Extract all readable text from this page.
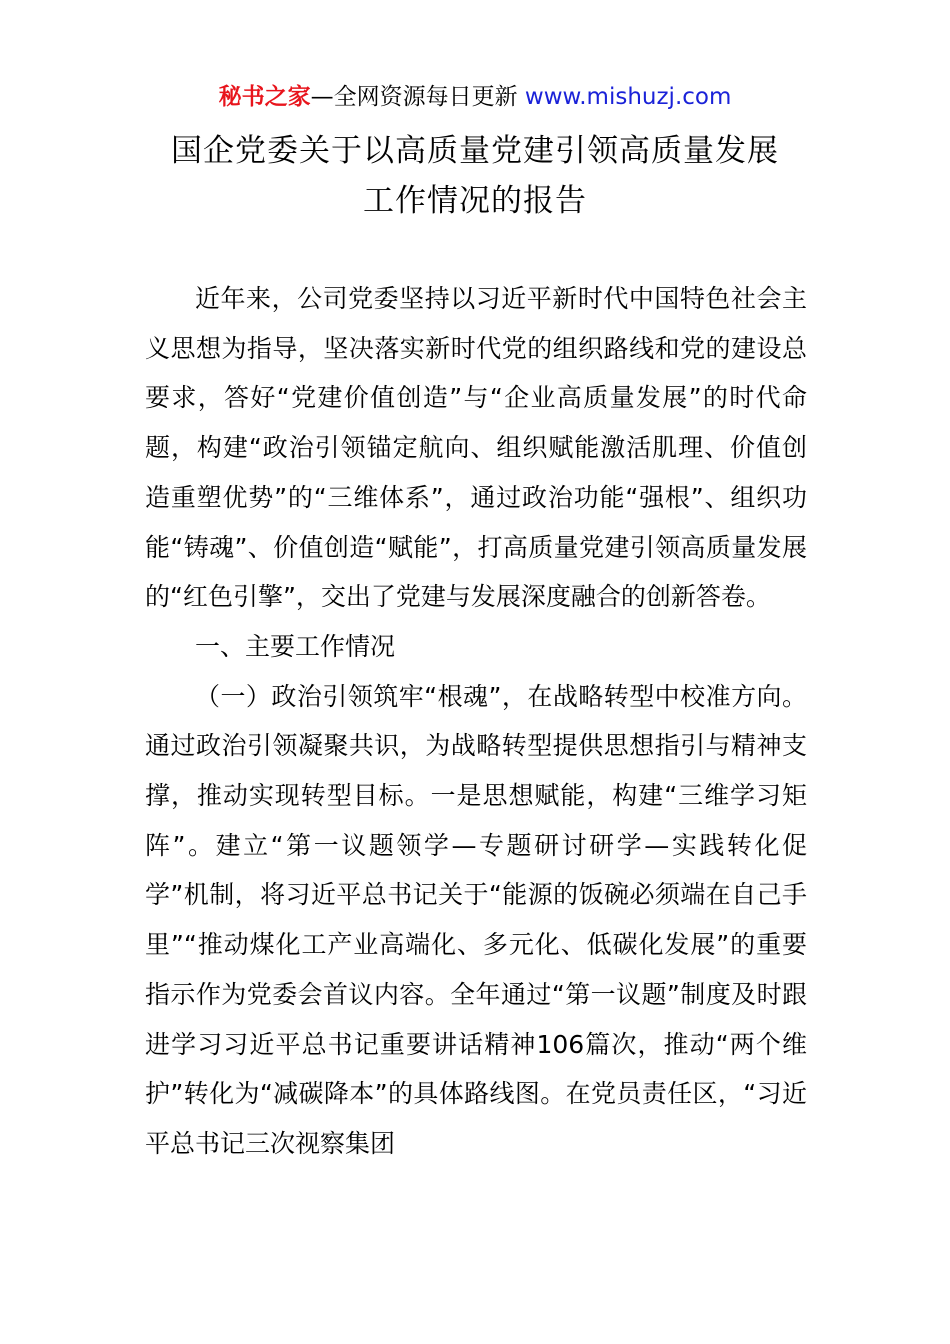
秘书之家—全网资源每日更新 www.mishuzj.com
国企党委关于以高质量党建引领高质量发展
工作情况的报告

近年来，公司党委坚持以习近平新时代中国特色社会主义思想为指导，坚决落实新时代党的组织路线和党的建设总要求，答好“党建价值创造”与“企业高质量发展”的时代命题，构建“政治引领锚定航向、组织赋能激活肌理、价值创造重塑优势”的“三维体系”，通过政治功能“强根”、组织功能“铸魂”、价值创造“赋能”，打高质量党建引领高质量发展的“红色引擎”，交出了党建与发展深度融合的创新答卷。

一、主要工作情况

（一）政治引领筑牢“根魂”，在战略转型中校准方向。通过政治引领凝聚共识，为战略转型提供思想指引与精神支撑，推动实现转型目标。一是思想赋能，构建“三维学习矩阵”。建立“第一议题领学—专题研讨研学—实践转化促学”机制，将习近平总书记关于“能源的饭碗必须端在自己手里”“推动煤化工产业高端化、多元化、低碳化发展”的重要指示作为党委会首议内容。全年通过“第一议题”制度及时跟进学习习近平总书记重要讲话精神106篇次，推动“两个维护”转化为“减碳降本”的具体路线图。在党员责任区，“习近平总书记三次视察集团
